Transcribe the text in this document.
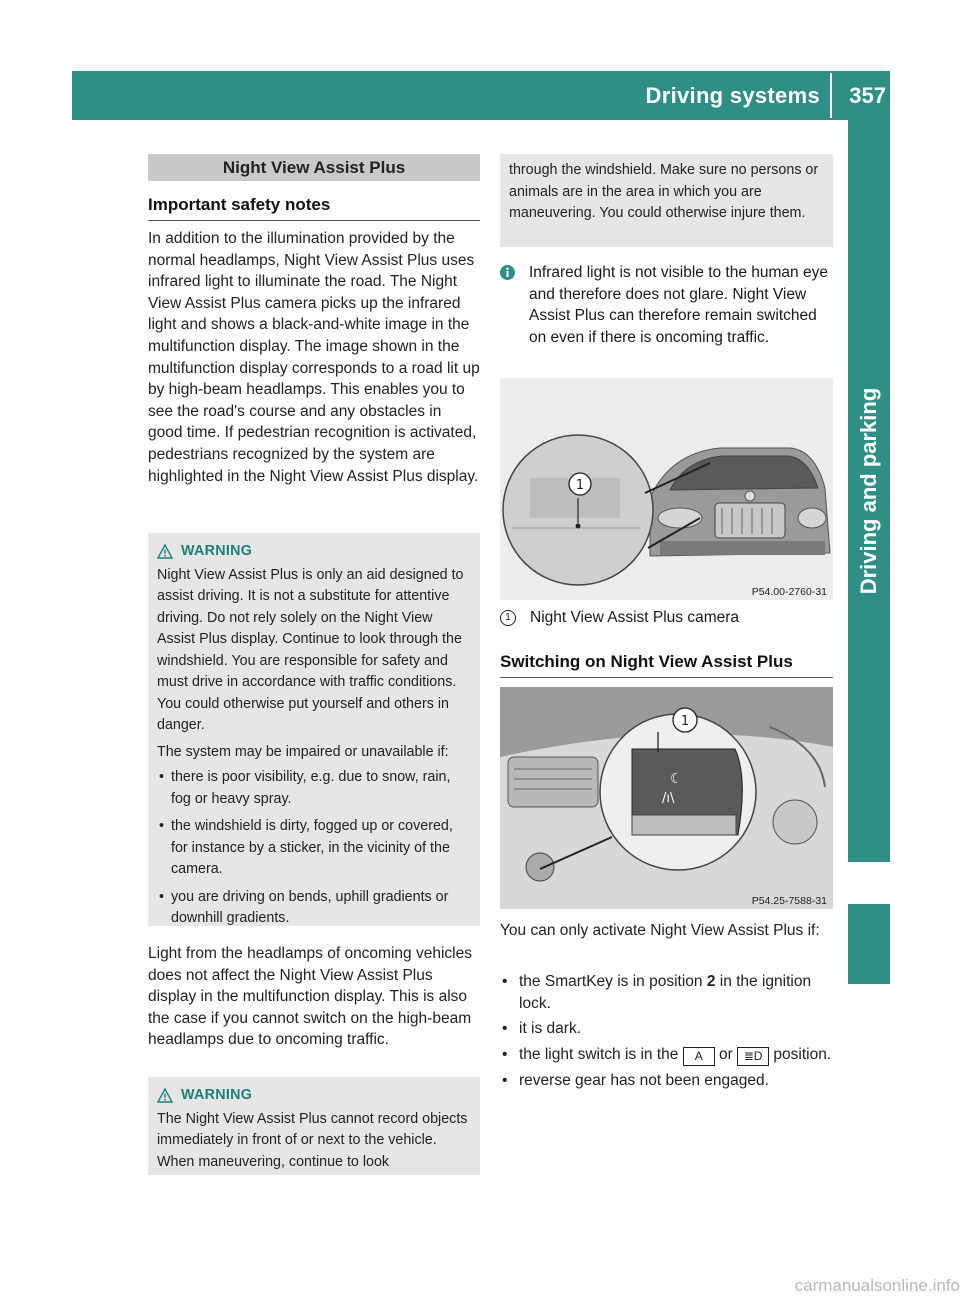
Driving systems 357
Driving and parking
Night View Assist Plus
Important safety notes
In addition to the illumination provided by the normal headlamps, Night View Assist Plus uses infrared light to illuminate the road. The Night View Assist Plus camera picks up the infrared light and shows a black-and-white image in the multifunction display. The image shown in the multifunction display corresponds to a road lit up by high-beam headlamps. This enables you to see the road's course and any obstacles in good time. If pedestrian recognition is activated, pedestrians recognized by the system are highlighted in the Night View Assist Plus display.
WARNING
Night View Assist Plus is only an aid designed to assist driving. It is not a substitute for attentive driving. Do not rely solely on the Night View Assist Plus display. Continue to look through the windshield. You are responsible for safety and must drive in accordance with traffic conditions. You could otherwise put yourself and others in danger.
The system may be impaired or unavailable if:
• there is poor visibility, e.g. due to snow, rain, fog or heavy spray.
• the windshield is dirty, fogged up or covered, for instance by a sticker, in the vicinity of the camera.
• you are driving on bends, uphill gradients or downhill gradients.
Light from the headlamps of oncoming vehicles does not affect the Night View Assist Plus display in the multifunction display. This is also the case if you cannot switch on the high-beam headlamps due to oncoming traffic.
WARNING
The Night View Assist Plus cannot record objects immediately in front of or next to the vehicle. When maneuvering, continue to look
through the windshield. Make sure no persons or animals are in the area in which you are maneuvering. You could otherwise injure them.
Infrared light is not visible to the human eye and therefore does not glare. Night View Assist Plus can therefore remain switched on even if there is oncoming traffic.
1
P54.00-2760-31
1 Night View Assist Plus camera
Switching on Night View Assist Plus
☾
/ı\
1
P54.25-7588-31
You can only activate Night View Assist Plus if:
• the SmartKey is in position 2 in the ignition lock.
• it is dark.
• the light switch is in the A or ≣D position.
• reverse gear has not been engaged.
carmanualsonline.info
